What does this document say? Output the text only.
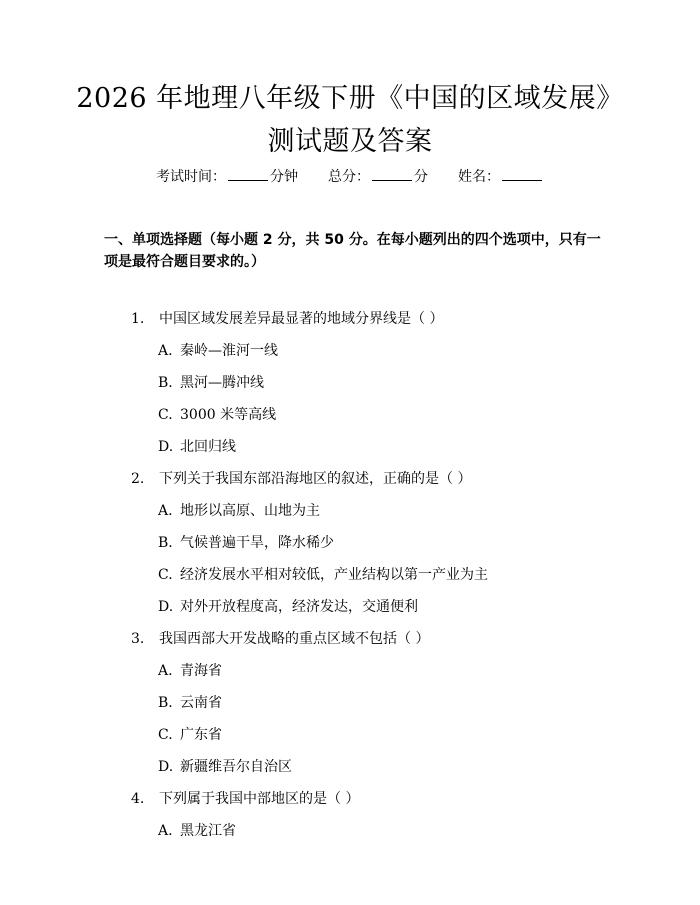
2026 年地理八年级下册《中国的区域发展》
测试题及答案
考试时间：	分钟 总分：	分 姓名：
一、单项选择题（每小题 2 分，共 50 分。在每小题列出的四个选项中，只有一项是最符合题目要求的。）
1. 中国区域发展差异最显著的地域分界线是（ ）
A. 秦岭—淮河一线
B. 黑河—腾冲线
C. 3000 米等高线
D. 北回归线
2. 下列关于我国东部沿海地区的叙述，正确的是（ ）
A. 地形以高原、山地为主
B. 气候普遍干旱，降水稀少
C. 经济发展水平相对较低，产业结构以第一产业为主
D. 对外开放程度高，经济发达，交通便利
3. 我国西部大开发战略的重点区域不包括（ ）
A. 青海省
B. 云南省
C. 广东省
D. 新疆维吾尔自治区
4. 下列属于我国中部地区的是（ ）
A. 黑龙江省
